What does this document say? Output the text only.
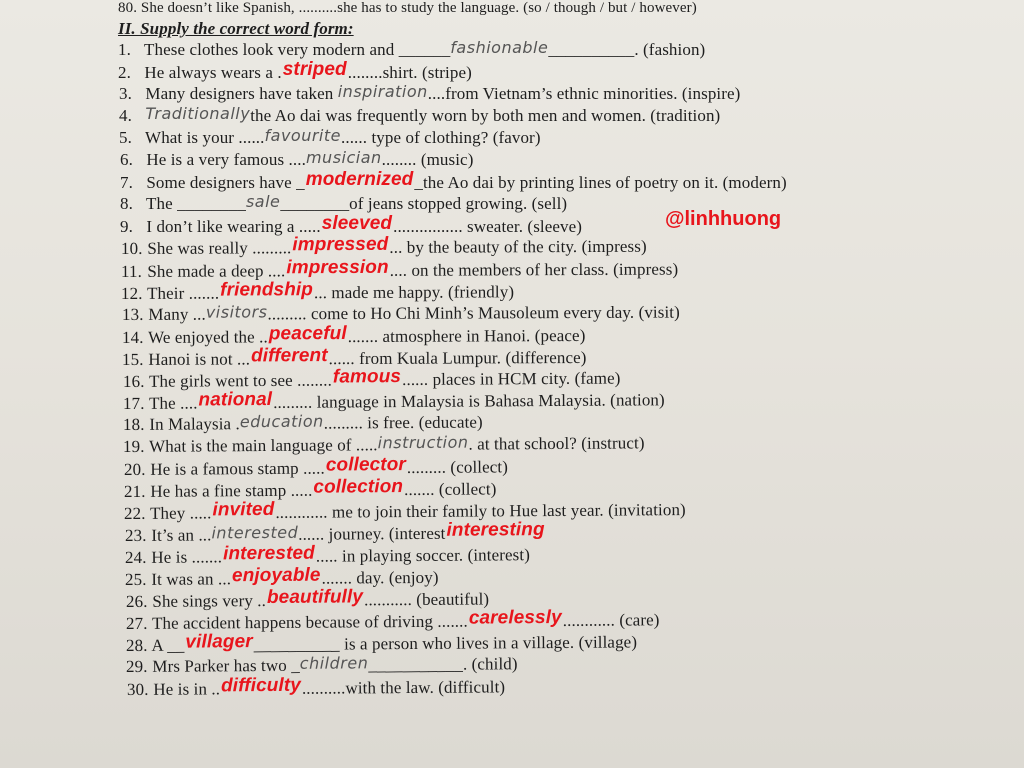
80. She doesn’t like Spanish, ..........she has to study the language. (so / though / but / however)
II. Supply the correct word form:
1. These clothes look very modern and ______fashionable__________. (fashion)
2. He always wears a .striped........shirt. (stripe)
3. Many designers have taken inspiration....from Vietnam’s ethnic minorities. (inspire)
4. Traditionallythe Ao dai was frequently worn by both men and women. (tradition)
5. What is your ......favourite...... type of clothing? (favor)
6. He is a very famous ....musician........ (music)
7. Some designers have _modernized_the Ao dai by printing lines of poetry on it. (modern)
8. The ________sale________of jeans stopped growing. (sell)
9. I don’t like wearing a .....sleeved................ sweater. (sleeve)
10. She was really .........impressed... by the beauty of the city. (impress)
11. She made a deep ....impression.... on the members of her class. (impress)
12. Their .......friendship... made me happy. (friendly)
13. Many ...visitors......... come to Ho Chi Minh’s Mausoleum every day. (visit)
14. We enjoyed the ..peaceful....... atmosphere in Hanoi. (peace)
15. Hanoi is not ...different...... from Kuala Lumpur. (difference)
16. The girls went to see ........famous...... places in HCM city. (fame)
17. The ....national......... language in Malaysia is Bahasa Malaysia. (nation)
18. In Malaysia .education......... is free. (educate)
19. What is the main language of .....instruction. at that school? (instruct)
20. He is a famous stamp .....collector......... (collect)
21. He has a fine stamp .....collection....... (collect)
22. They .....invited............ me to join their family to Hue last year. (invitation)
23. It’s an ...interested...... journey. (interestinteresting
24. He is .......interested..... in playing soccer. (interest)
25. It was an ...enjoyable....... day. (enjoy)
26. She sings very ..beautifully........... (beautiful)
27. The accident happens because of driving .......carelessly............ (care)
28. A __villager__________ is a person who lives in a village. (village)
29. Mrs Parker has two _children___________. (child)
30. He is in ..difficulty..........with the law. (difficult)
@linhhuong
